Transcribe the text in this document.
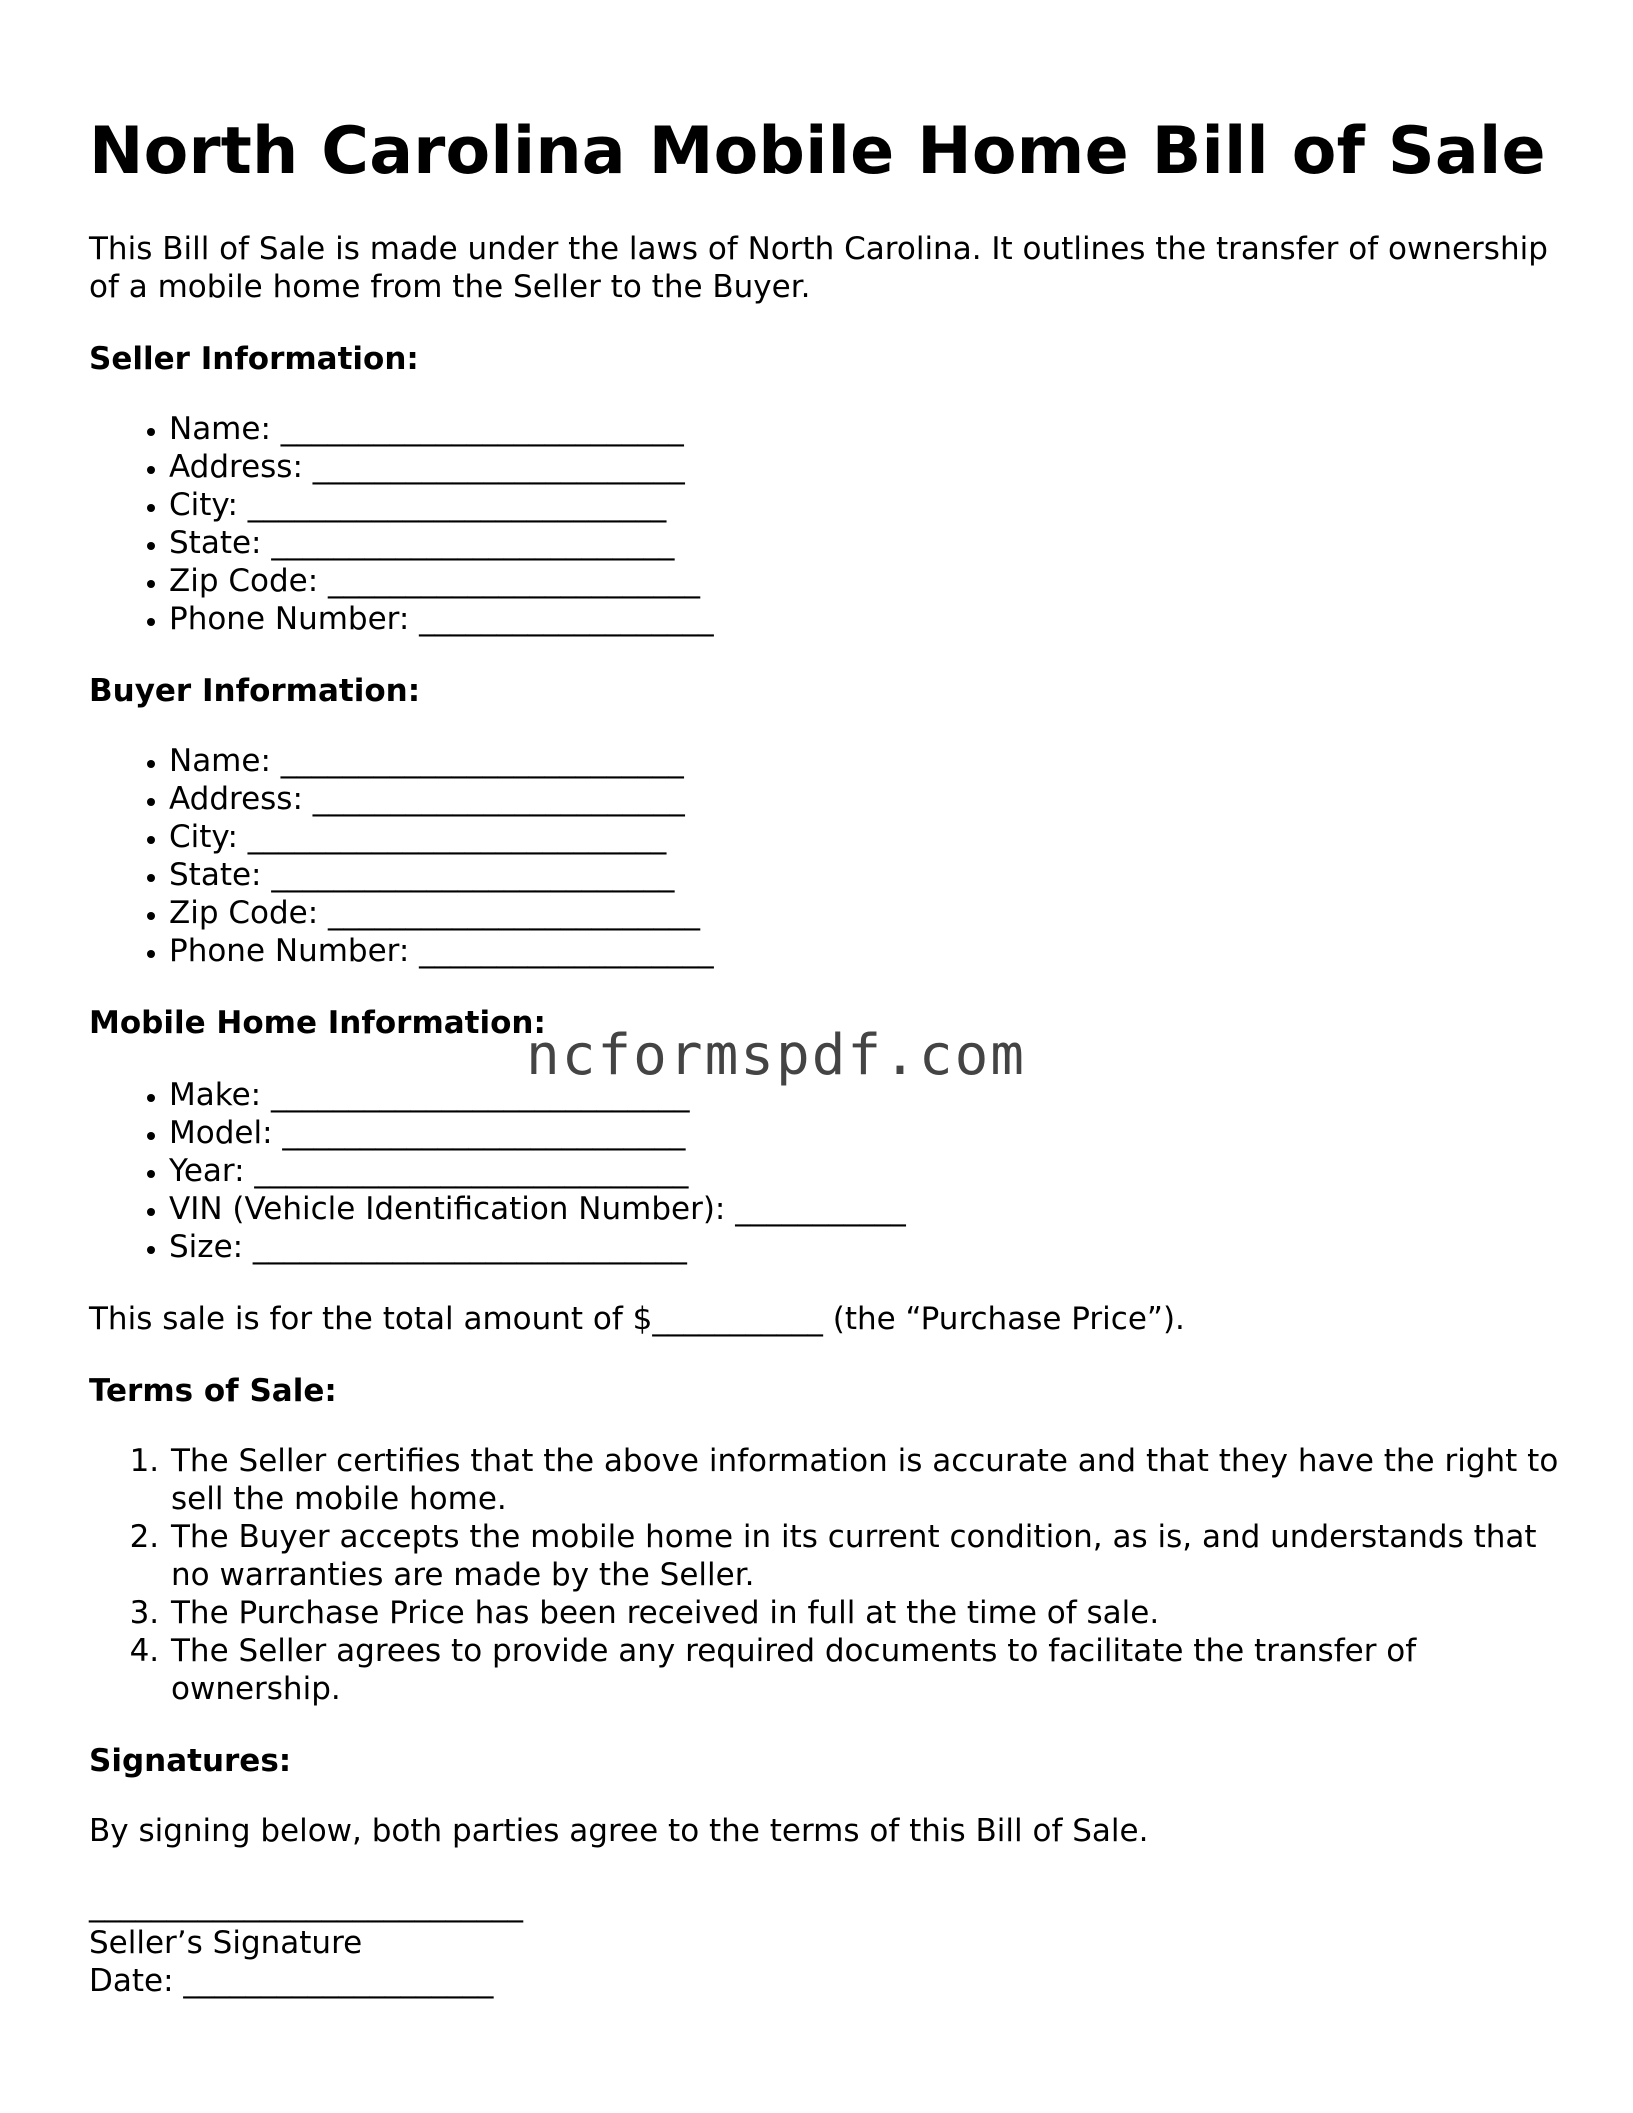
North Carolina Mobile Home Bill of Sale

This Bill of Sale is made under the laws of North Carolina. It outlines the transfer of ownership of a mobile home from the Seller to the Buyer.

Seller Information:
• Name: __________________________
• Address: ________________________
• City: ___________________________
• State: __________________________
• Zip Code: ________________________
• Phone Number: ___________________
Buyer Information:
• Name: __________________________
• Address: ________________________
• City: ___________________________
• State: __________________________
• Zip Code: ________________________
• Phone Number: ___________________
Mobile Home Information:
• Make: ___________________________
• Model: __________________________
• Year: ____________________________
• VIN (Vehicle Identification Number): ___________
• Size: ____________________________

This sale is for the total amount of $___________ (the “Purchase Price”).

Terms of Sale:
1. The Seller certifies that the above information is accurate and that they have the right to sell the mobile home.
2. The Buyer accepts the mobile home in its current condition, as is, and understands that no warranties are made by the Seller.
3. The Purchase Price has been received in full at the time of sale.
4. The Seller agrees to provide any required documents to facilitate the transfer of ownership.
Signatures:

By signing below, both parties agree to the terms of this Bill of Sale.

____________________________

Seller’s Signature

Date: ____________________

ncformspdf.com
